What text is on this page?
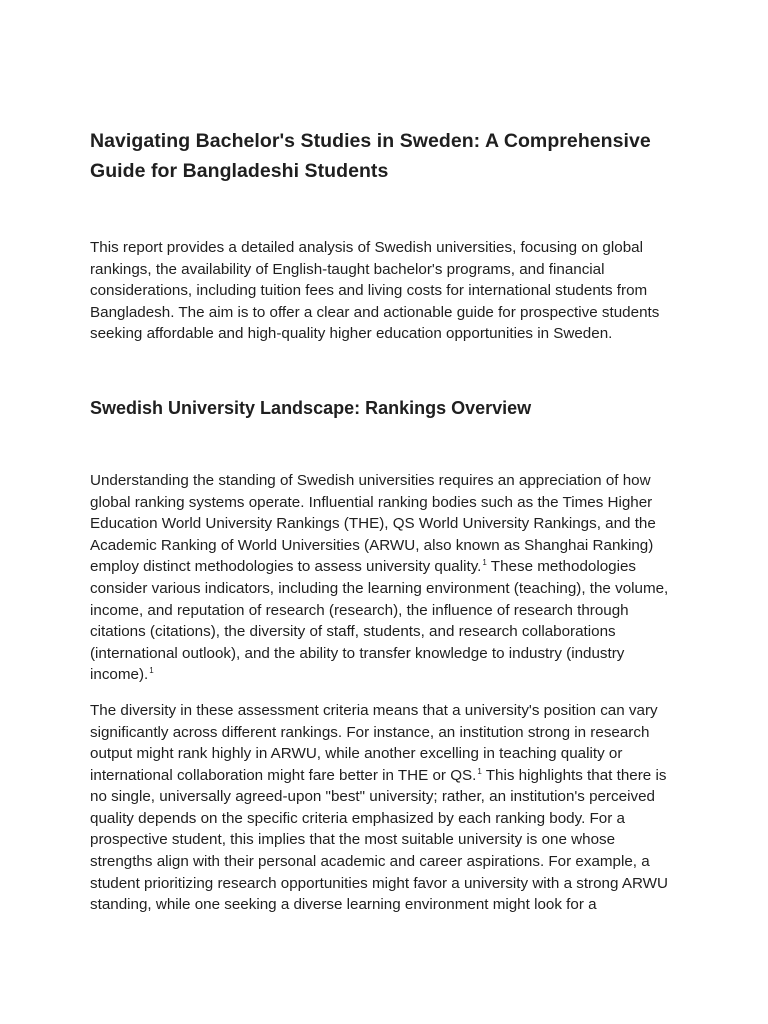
Navigating Bachelor's Studies in Sweden: A Comprehensive Guide for Bangladeshi Students

This report provides a detailed analysis of Swedish universities, focusing on global rankings, the availability of English-taught bachelor's programs, and financial considerations, including tuition fees and living costs for international students from Bangladesh. The aim is to offer a clear and actionable guide for prospective students seeking affordable and high-quality higher education opportunities in Sweden.

Swedish University Landscape: Rankings Overview

Understanding the standing of Swedish universities requires an appreciation of how global ranking systems operate. Influential ranking bodies such as the Times Higher Education World University Rankings (THE), QS World University Rankings, and the Academic Ranking of World Universities (ARWU, also known as Shanghai Ranking) employ distinct methodologies to assess university quality.$^1$ These methodologies consider various indicators, including the learning environment (teaching), the volume, income, and reputation of research (research), the influence of research through citations (citations), the diversity of staff, students, and research collaborations (international outlook), and the ability to transfer knowledge to industry (industry income).$^1$

The diversity in these assessment criteria means that a university's position can vary significantly across different rankings. For instance, an institution strong in research output might rank highly in ARWU, while another excelling in teaching quality or international collaboration might fare better in THE or QS.$^1$ This highlights that there is no single, universally agreed-upon "best" university; rather, an institution's perceived quality depends on the specific criteria emphasized by each ranking body. For a prospective student, this implies that the most suitable university is one whose strengths align with their personal academic and career aspirations. For example, a student prioritizing research opportunities might favor a university with a strong ARWU standing, while one seeking a diverse learning environment might look for a
